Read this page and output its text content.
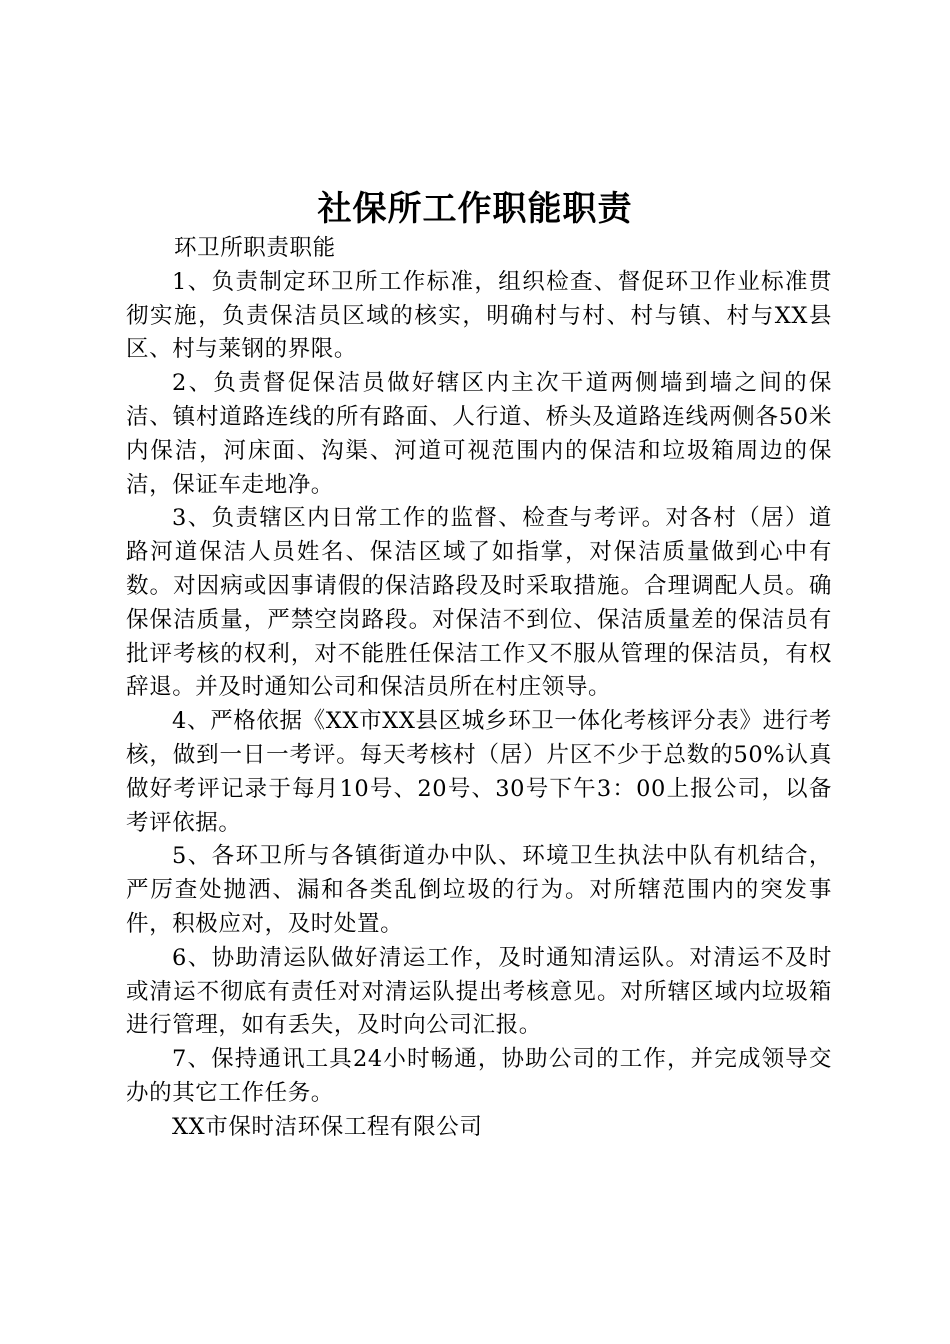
社保所工作职能职责

环卫所职责职能

1、负责制定环卫所工作标准，组织检查、督促环卫作业标准贯彻实施，负责保洁员区域的核实，明确村与村、村与镇、村与XX县区、村与莱钢的界限。

2、负责督促保洁员做好辖区内主次干道两侧墙到墙之间的保洁、镇村道路连线的所有路面、人行道、桥头及道路连线两侧各50米内保洁，河床面、沟渠、河道可视范围内的保洁和垃圾箱周边的保洁，保证车走地净。

3、负责辖区内日常工作的监督、检查与考评。对各村（居）道路河道保洁人员姓名、保洁区域了如指掌，对保洁质量做到心中有数。对因病或因事请假的保洁路段及时采取措施。合理调配人员。确保保洁质量，严禁空岗路段。对保洁不到位、保洁质量差的保洁员有批评考核的权利，对不能胜任保洁工作又不服从管理的保洁员，有权辞退。并及时通知公司和保洁员所在村庄领导。

4、严格依据《XX市XX县区城乡环卫一体化考核评分表》进行考核，做到一日一考评。每天考核村（居）片区不少于总数的50%认真做好考评记录于每月10号、20号、30号下午3：00上报公司，以备考评依据。

5、各环卫所与各镇街道办中队、环境卫生执法中队有机结合，严厉查处抛洒、漏和各类乱倒垃圾的行为。对所辖范围内的突发事件，积极应对，及时处置。

6、协助清运队做好清运工作，及时通知清运队。对清运不及时或清运不彻底有责任对对清运队提出考核意见。对所辖区域内垃圾箱进行管理，如有丢失，及时向公司汇报。

7、保持通讯工具24小时畅通，协助公司的工作，并完成领导交办的其它工作任务。

XX市保时洁环保工程有限公司
